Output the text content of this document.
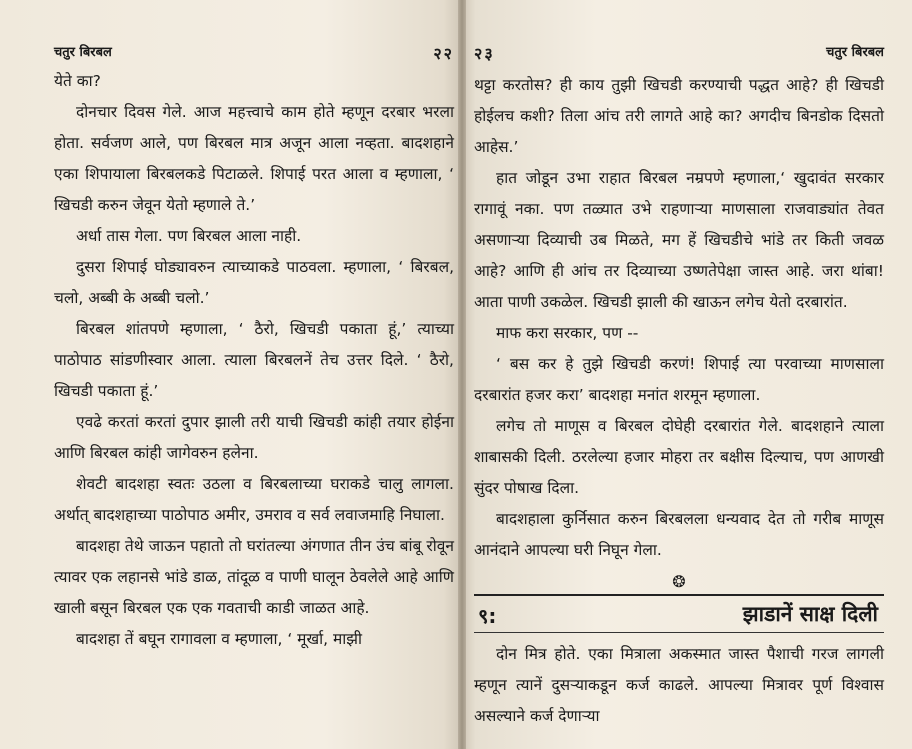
चतुर बिरबल	२२

येते का?

दोनचार दिवस गेले. आज महत्त्वाचे काम होते म्हणून दरबार भरला होता. सर्वजण आले, पण बिरबल मात्र अजून आला नव्हता. बादशहाने एका शिपायाला बिरबलकडे पिटाळले. शिपाई परत आला व म्हणाला, ‘ खिचडी करुन जेवून येतो म्हणाले ते.’

अर्धा तास गेला. पण बिरबल आला नाही.

दुसरा शिपाई घोड्यावरुन त्याच्याकडे पाठवला. म्हणाला, ‘ बिरबल, चलो, अब्बी के अब्बी चलो.’

बिरबल शांतपणे म्हणाला, ‘ ठैरो, खिचडी पकाता हूं,’ त्याच्या पाठोपाठ सांडणीस्वार आला. त्याला बिरबलनें तेच उत्तर दिले. ‘ ठैरो, खिचडी पकाता हूं.’

एवढे करतां करतां दुपार झाली तरी याची खिचडी कांही तयार होईना आणि बिरबल कांही जागेवरुन हलेना.

शेवटी बादशहा स्वतः उठला व बिरबलाच्या घराकडे चालु लागला. अर्थात् बादशहाच्या पाठोपाठ अमीर, उमराव व सर्व लवाजमाहि निघाला.

बादशहा तेथे जाऊन पहातो तो घरांतल्या अंगणात तीन उंच बांबू रोवून त्यावर एक लहानसे भांडे डाळ, तांदूळ व पाणी घालून ठेवलेले आहे आणि खाली बसून बिरबल एक एक गवताची काडी जाळत आहे.

बादशहा तें बघून रागावला व म्हणाला, ‘ मूर्खा, माझी

२३	चतुर बिरबल

थट्टा करतोस? ही काय तुझी खिचडी करण्याची पद्धत आहे? ही खिचडी होईलच कशी? तिला आंच तरी लागते आहे का? अगदीच बिनडोक दिसतो आहेस.’

हात जोडून उभा राहात बिरबल नम्रपणे म्हणाला,‘ खुदावंत सरकार रागावूं नका. पण तळ्यात उभे राहणाऱ्या माणसाला राजवाड्यांत तेवत असणाऱ्या दिव्याची उब मिळते, मग हें खिचडीचे भांडे तर किती जवळ आहे? आणि ही आंच तर दिव्याच्या उष्णतेपेक्षा जास्त आहे. जरा थांबा! आता पाणी उकळेल. खिचडी झाली की खाऊन लगेच येतो दरबारांत.

माफ करा सरकार, पण --

‘ बस कर हे तुझे खिचडी करणं! शिपाई त्या परवाच्या माणसाला दरबारांत हजर करा’ बादशहा मनांत शरमून म्हणाला.

लगेच तो माणूस व बिरबल दोघेही दरबारांत गेले. बादशहाने त्याला शाबासकी दिली. ठरलेल्या हजार मोहरा तर बक्षीस दिल्याच, पण आणखी सुंदर पोषाख दिला.

बादशहाला कुर्निसात करुन बिरबलला धन्यवाद देत तो गरीब माणूस आनंदाने आपल्या घरी निघून गेला.

❂
९:	झाडानें साक्ष दिली

दोन मित्र होते. एका मित्राला अकस्मात जास्त पैशाची गरज लागली म्हणून त्यानें दुसऱ्याकडून कर्ज काढले. आपल्या मित्रावर पूर्ण विश्वास असल्याने कर्ज देणाऱ्या
